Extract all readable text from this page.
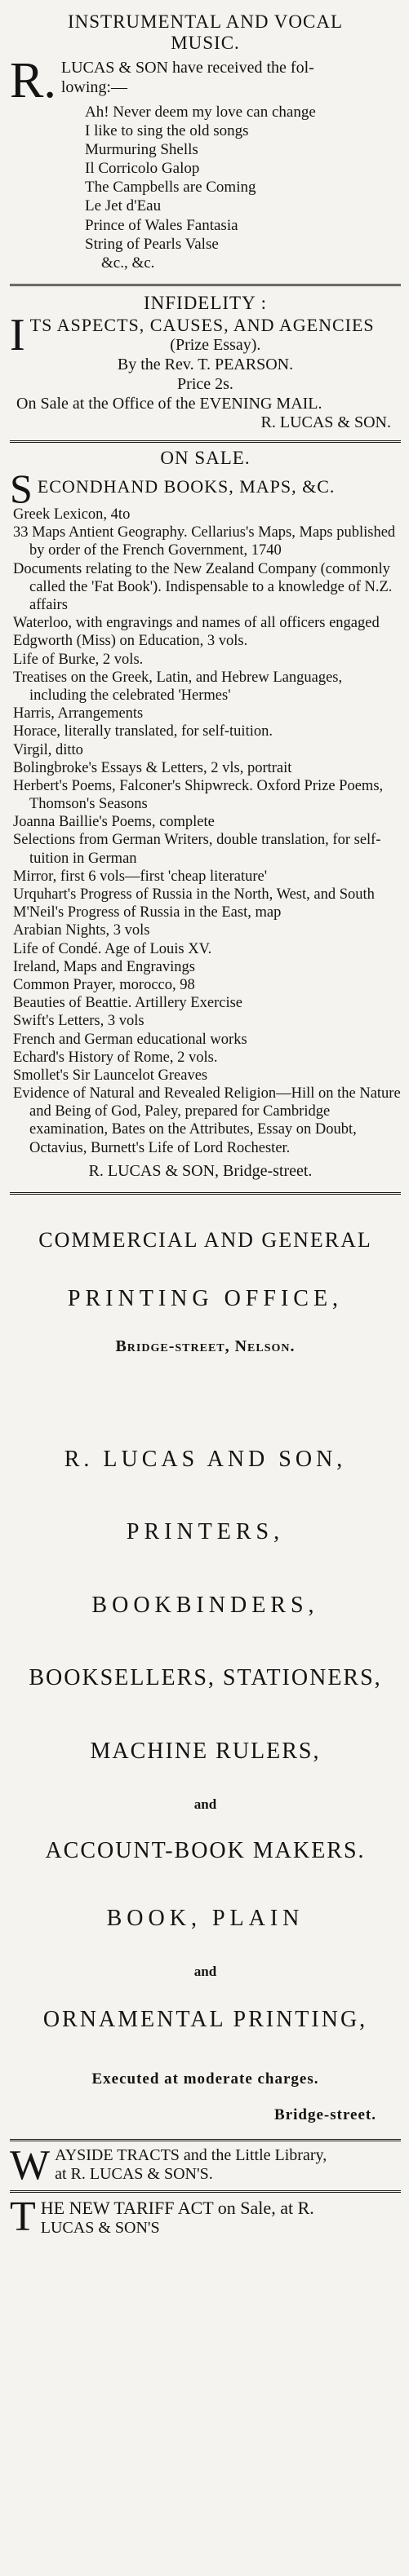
INSTRUMENTAL AND VOCAL
MUSIC.
R. LUCAS & SON have received the fol-
lowing:—
Ah! Never deem my love can change
I like to sing the old songs
Murmuring Shells
Il Corricolo Galop
The Campbells are Coming
Le Jet d'Eau
Prince of Wales Fantasia
String of Pearls Valse
&c., &c.
INFIDELITY :
I TS ASPECTS, CAUSES, AND AGENCIES
(Prize Essay).
By the Rev. T. PEARSON.
Price 2s.
On Sale at the Office of the EVENING MAIL.
R. LUCAS & SON.
ON SALE.
S ECONDHAND BOOKS, MAPS, &C.
Greek Lexicon, 4to
33 Maps Antient Geography. Cellarius's Maps, Maps published by order of the French Government, 1740
Documents relating to the New Zealand Company (commonly called the 'Fat Book'). Indispensable to a knowledge of N.Z. affairs
Waterloo, with engravings and names of all officers engaged
Edgworth (Miss) on Education, 3 vols.
Life of Burke, 2 vols.
Treatises on the Greek, Latin, and Hebrew Languages, including the celebrated 'Hermes'
Harris, Arrangements
Horace, literally translated, for self-tuition.
Virgil, ditto
Bolingbroke's Essays & Letters, 2 vls, portrait
Herbert's Poems, Falconer's Shipwreck. Oxford Prize Poems, Thomson's Seasons
Joanna Baillie's Poems, complete
Selections from German Writers, double translation, for self-tuition in German
Mirror, first 6 vols—first 'cheap literature'
Urquhart's Progress of Russia in the North, West, and South
M'Neil's Progress of Russia in the East, map
Arabian Nights, 3 vols
Life of Condé. Age of Louis XV.
Ireland, Maps and Engravings
Common Prayer, morocco, 98
Beauties of Beattie. Artillery Exercise
Swift's Letters, 3 vols
French and German educational works
Echard's History of Rome, 2 vols.
Smollet's Sir Launcelot Greaves
Evidence of Natural and Revealed Religion—Hill on the Nature and Being of God, Paley, prepared for Cambridge examination, Bates on the Attributes, Essay on Doubt, Octavius, Burnett's Life of Lord Rochester.
R. LUCAS & SON, Bridge-street.
COMMERCIAL AND GENERAL
PRINTING OFFICE,
Bridge-street, Nelson.
R. LUCAS AND SON,
PRINTERS,
BOOKBINDERS,
BOOKSELLERS, STATIONERS,
MACHINE RULERS,
and
ACCOUNT-BOOK MAKERS.
BOOK, PLAIN
and
ORNAMENTAL PRINTING,
Executed at moderate charges.
Bridge-street.
W AYSIDE TRACTS and the Little Library,
at R. LUCAS & SON'S.
T HE NEW TARIFF ACT on Sale, at R.
LUCAS & SON'S
